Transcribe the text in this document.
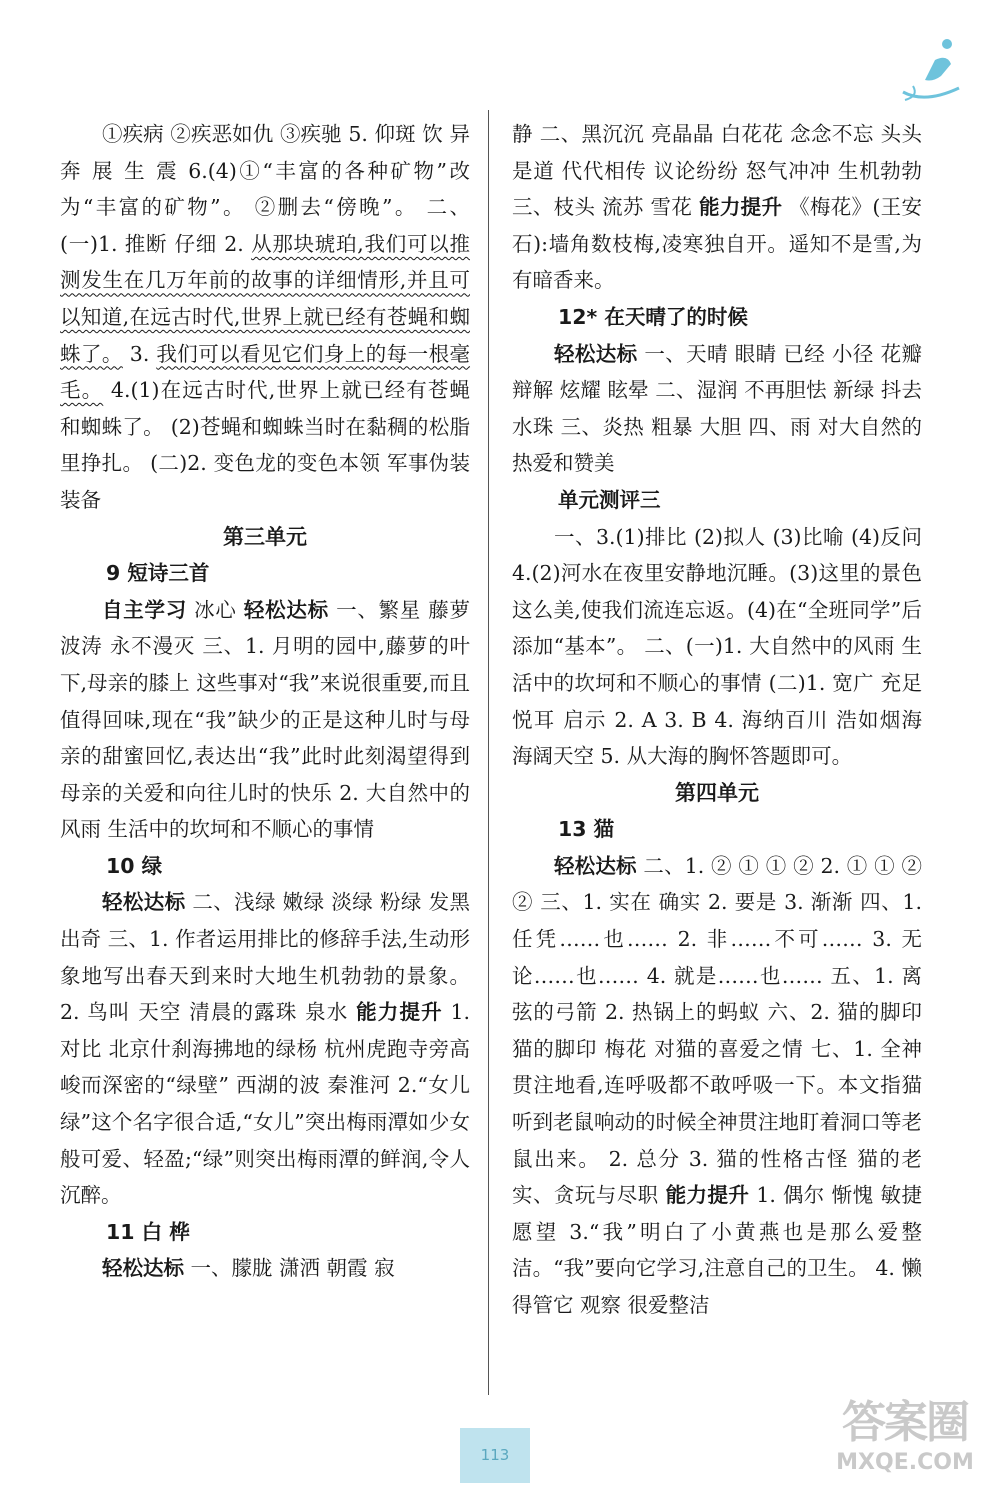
①疾病 ②疾恶如仇 ③疾驰 5. 仰斑 饮 异 奔 展 生 震 6.(4)①“丰富的各种矿物”改为“丰富的矿物”。 ②删去“傍晚”。 二、(一)1. 推断 仔细 2. 从那块琥珀,我们可以推测发生在几万年前的故事的详细情形,并且可以知道,在远古时代,世界上就已经有苍蝇和蜘蛛了。 3. 我们可以看见它们身上的每一根毫毛。 4.(1)在远古时代,世界上就已经有苍蝇和蜘蛛了。 (2)苍蝇和蜘蛛当时在黏稠的松脂里挣扎。 (二)2. 变色龙的变色本领 军事伪装装备

第三单元

9 短诗三首

自主学习 冰心 轻松达标 一、繁星 藤萝 波涛 永不漫灭 三、1. 月明的园中,藤萝的叶下,母亲的膝上 这些事对“我”来说很重要,而且值得回味,现在“我”缺少的正是这种儿时与母亲的甜蜜回忆,表达出“我”此时此刻渴望得到母亲的关爱和向往儿时的快乐 2. 大自然中的风雨 生活中的坎坷和不顺心的事情

10 绿

轻松达标 二、浅绿 嫩绿 淡绿 粉绿 发黑 出奇 三、1. 作者运用排比的修辞手法,生动形象地写出春天到来时大地生机勃勃的景象。 2. 鸟叫 天空 清晨的露珠 泉水 能力提升 1. 对比 北京什刹海拂地的绿杨 杭州虎跑寺旁高峻而深密的“绿壁” 西湖的波 秦淮河 2.“女儿绿”这个名字很合适,“女儿”突出梅雨潭如少女般可爱、轻盈;“绿”则突出梅雨潭的鲜润,令人沉醉。

11 白 桦

轻松达标 一、朦胧 潇洒 朝霞 寂

静 二、黑沉沉 亮晶晶 白花花 念念不忘 头头是道 代代相传 议论纷纷 怒气冲冲 生机勃勃 三、枝头 流苏 雪花 能力提升 《梅花》(王安石):墙角数枝梅,凌寒独自开。遥知不是雪,为有暗香来。

12* 在天晴了的时候

轻松达标 一、天晴 眼睛 已经 小径 花瓣 辩解 炫耀 眩晕 二、湿润 不再胆怯 新绿 抖去水珠 三、炎热 粗暴 大胆 四、雨 对大自然的热爱和赞美

单元测评三

一、3.(1)排比 (2)拟人 (3)比喻 (4)反问 4.(2)河水在夜里安静地沉睡。(3)这里的景色这么美,使我们流连忘返。(4)在“全班同学”后添加“基本”。 二、(一)1. 大自然中的风雨 生活中的坎坷和不顺心的事情 (二)1. 宽广 充足 悦耳 启示 2. A 3. B 4. 海纳百川 浩如烟海 海阔天空 5. 从大海的胸怀答题即可。

第四单元

13 猫

轻松达标 二、1. ② ① ① ② 2. ① ① ② ② 三、1. 实在 确实 2. 要是 3. 渐渐 四、1. 任凭……也…… 2. 非……不可…… 3. 无论……也…… 4. 就是……也…… 五、1. 离弦的弓箭 2. 热锅上的蚂蚁 六、2. 猫的脚印 猫的脚印 梅花 对猫的喜爱之情 七、1. 全神贯注地看,连呼吸都不敢呼吸一下。本文指猫听到老鼠响动的时候全神贯注地盯着洞口等老鼠出来。 2. 总分 3. 猫的性格古怪 猫的老实、贪玩与尽职 能力提升 1. 偶尔 惭愧 敏捷 愿望 3.“我”明白了小黄燕也是那么爱整洁。“我”要向它学习,注意自己的卫生。 4. 懒得管它 观察 很爱整洁

113
答案圈
MXQE.COM
